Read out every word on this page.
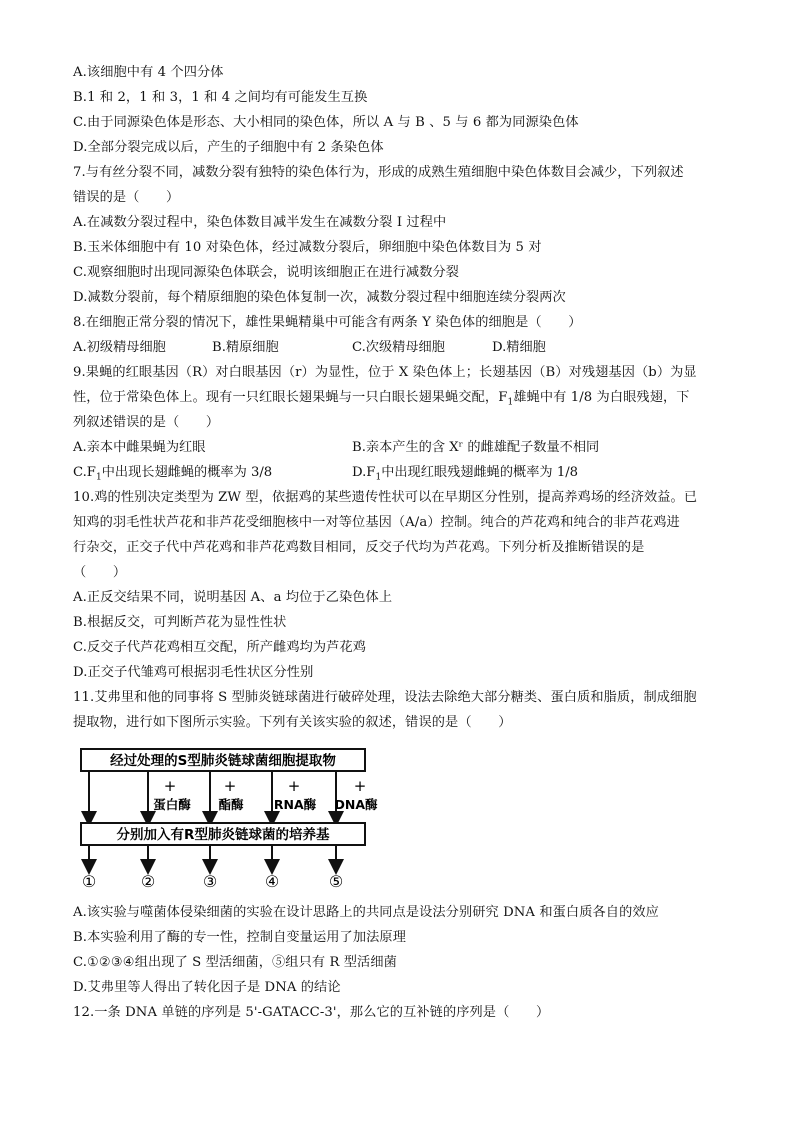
A.该细胞中有 4 个四分体
B.1 和 2，1 和 3，1 和 4 之间均有可能发生互换
C.由于同源染色体是形态、大小相同的染色体，所以 A 与 B 、5 与 6 都为同源染色体
D.全部分裂完成以后，产生的子细胞中有 2 条染色体
7.与有丝分裂不同，减数分裂有独特的染色体行为，形成的成熟生殖细胞中染色体数目会减少，下列叙述
错误的是（　　）
A.在减数分裂过程中，染色体数目减半发生在减数分裂 I 过程中
B.玉米体细胞中有 10 对染色体，经过减数分裂后，卵细胞中染色体数目为 5 对
C.观察细胞时出现同源染色体联会，说明该细胞正在进行减数分裂
D.减数分裂前，每个精原细胞的染色体复制一次，减数分裂过程中细胞连续分裂两次
8.在细胞正常分裂的情况下，雄性果蝇精巢中可能含有两条 Y 染色体的细胞是（　　）
A.初级精母细胞	B.精原细胞	C.次级精母细胞	D.精细胞
9.果蝇的红眼基因（R）对白眼基因（r）为显性，位于 X 染色体上；长翅基因（B）对残翅基因（b）为显
性，位于常染色体上。现有一只红眼长翅果蝇与一只白眼长翅果蝇交配，$F_1$雄蝇中有 1/8 为白眼残翅，下
列叙述错误的是（　　）
A.亲本中雌果蝇为红眼	B.亲本产生的含 Xʳ 的雌雄配子数量不相同
$C.F_1$中出现长翅雌蝇的概率为 3/8	$D.F_1$中出现红眼残翅雌蝇的概率为 1/8
10.鸡的性别决定类型为 ZW 型，依据鸡的某些遗传性状可以在早期区分性别，提高养鸡场的经济效益。已
知鸡的羽毛性状芦花和非芦花受细胞核中一对等位基因（A/a）控制。纯合的芦花鸡和纯合的非芦花鸡进
行杂交，正交子代中芦花鸡和非芦花鸡数目相同，反交子代均为芦花鸡。下列分析及推断错误的是
（　　）
A.正反交结果不同，说明基因 A、a 均位于乙染色体上
B.根据反交，可判断芦花为显性性状
C.反交子代芦花鸡相互交配，所产雌鸡均为芦花鸡
D.正交子代雏鸡可根据羽毛性状区分性别
11.艾弗里和他的同事将 S 型肺炎链球菌进行破碎处理，设法去除绝大部分糖类、蛋白质和脂质，制成细胞
提取物，进行如下图所示实验。下列有关该实验的叙述，错误的是（　　）
经过处理的S型肺炎链球菌细胞提取物
+	+	+	+
蛋白酶 酯酶 RNA酶 DNA酶
分别加入有R型肺炎链球菌的培养基
①	②	③	④	⑤
A.该实验与噬菌体侵染细菌的实验在设计思路上的共同点是设法分别研究 DNA 和蛋白质各自的效应
B.本实验利用了酶的专一性，控制自变量运用了加法原理
C.①②③④组出现了 S 型活细菌，⑤组只有 R 型活细菌
D.艾弗里等人得出了转化因子是 DNA 的结论
12.一条 DNA 单链的序列是 5'-GATACC-3'，那么它的互补链的序列是（　　）
